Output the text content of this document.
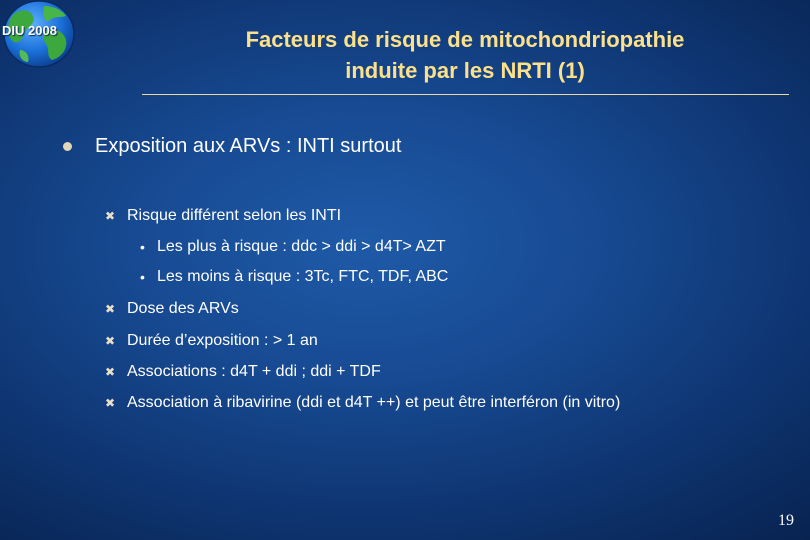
DIU 2008	Facteurs de risque de mitochondriopathie
induite par les NRTI (1)
Exposition aux ARVs : INTI surtout
✖ Risque différent selon les INTI
• Les plus à risque : ddc > ddi > d4T> AZT
• Les moins à risque : 3Tc, FTC, TDF, ABC
✖ Dose des ARVs
✖ Durée d’exposition : > 1 an
✖ Associations : d4T + ddi ; ddi + TDF
✖ Association à ribavirine (ddi et d4T ++) et peut être interféron (in vitro)
19
